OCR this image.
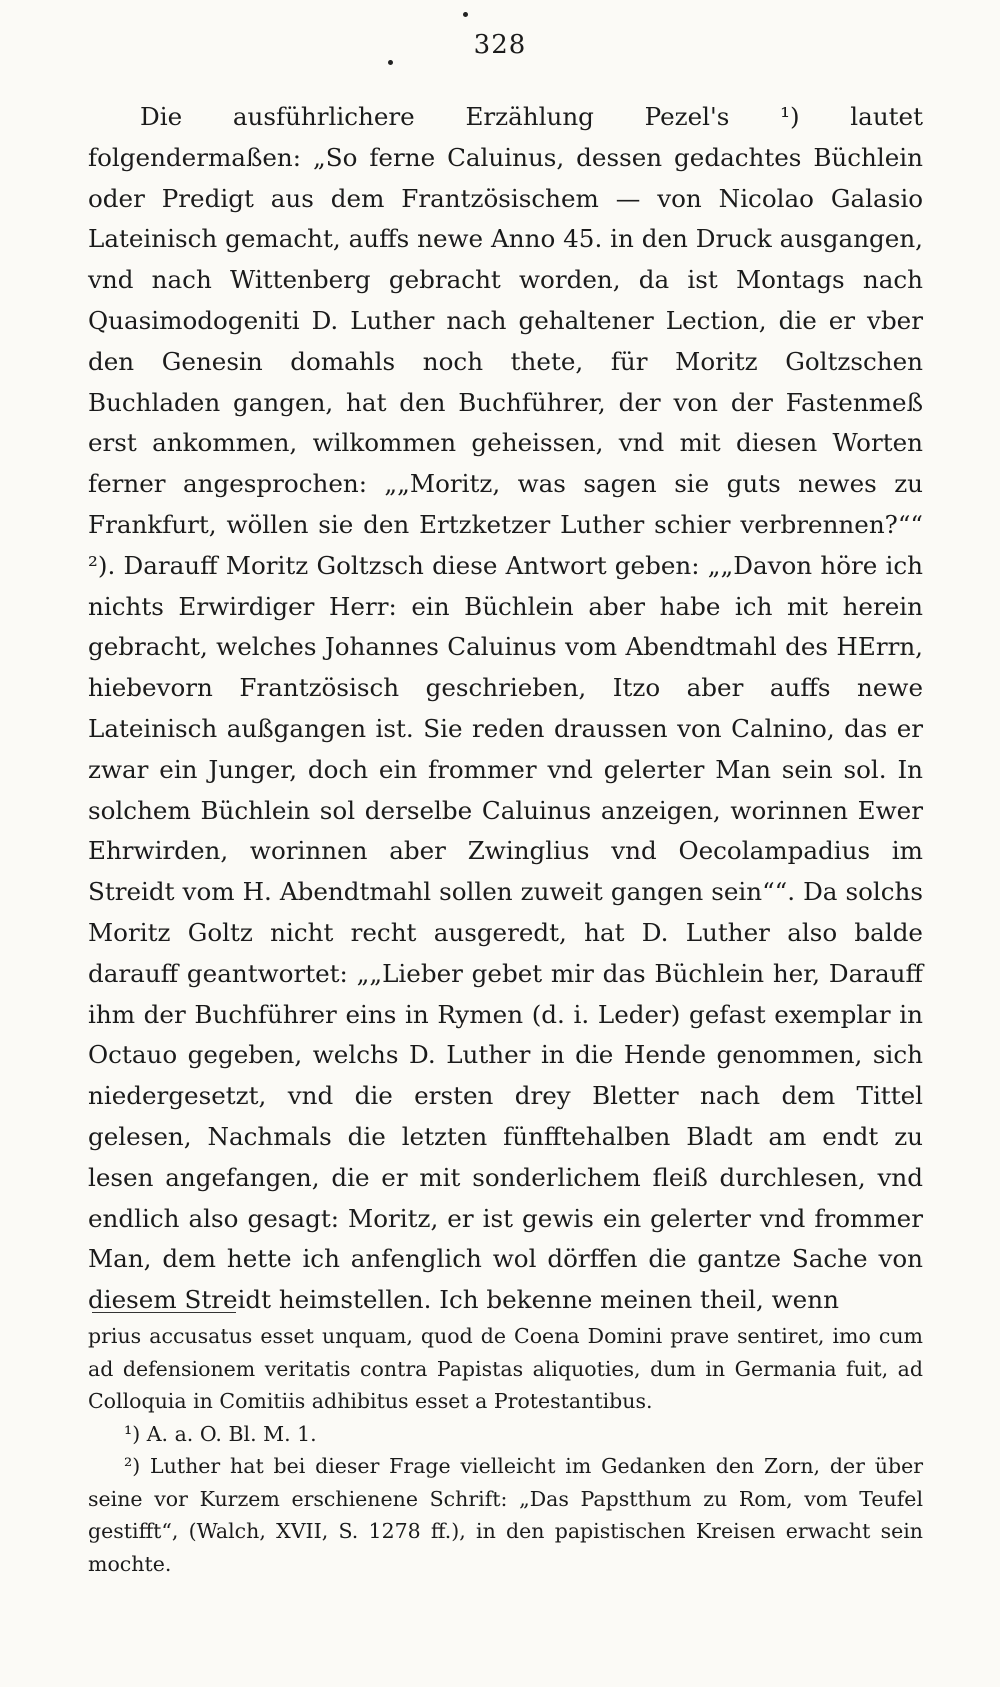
328

Die ausführlichere Erzählung Pezel's ¹) lautet folgendermaßen: „So ferne Caluinus, dessen gedachtes Büchlein oder Predigt aus dem Frantzösischem — von Nicolao Galasio Lateinisch gemacht, auffs newe Anno 45. in den Druck ausgangen, vnd nach Wittenberg gebracht worden, da ist Montags nach Quasimodogeniti D. Luther nach gehaltener Lection, die er vber den Genesin domahls noch thete, für Moritz Goltzschen Buchladen gangen, hat den Buchführer, der von der Fastenmeß erst ankommen, wilkommen geheissen, vnd mit diesen Worten ferner angesprochen: „„Moritz, was sagen sie guts newes zu Frankfurt, wöllen sie den Ertzketzer Luther schier verbrennen?““ ²). Darauff Moritz Goltzsch diese Antwort geben: „„Davon höre ich nichts Erwirdiger Herr: ein Büchlein aber habe ich mit herein gebracht, welches Johannes Caluinus vom Abendtmahl des HErrn, hiebevorn Frantzösisch geschrieben, Itzo aber auffs newe Lateinisch außgangen ist. Sie reden draussen von Calnino, das er zwar ein Junger, doch ein frommer vnd gelerter Man sein sol. In solchem Büchlein sol derselbe Caluinus anzeigen, worinnen Ewer Ehrwirden, worinnen aber Zwinglius vnd Oecolampadius im Streidt vom H. Abendtmahl sollen zuweit gangen sein““. Da solchs Moritz Goltz nicht recht ausgeredt, hat D. Luther also balde darauff geantwortet: „„Lieber gebet mir das Büchlein her, Darauff ihm der Buchführer eins in Rymen (d. i. Leder) gefast exemplar in Octauo gegeben, welchs D. Luther in die Hende genommen, sich niedergesetzt, vnd die ersten drey Bletter nach dem Tittel gelesen, Nachmals die letzten fünfftehalben Bladt am endt zu lesen angefangen, die er mit sonderlichem fleiß durchlesen, vnd endlich also gesagt: Moritz, er ist gewis ein gelerter vnd frommer Man, dem hette ich anfenglich wol dörffen die gantze Sache von diesem Streidt heimstellen. Ich bekenne meinen theil, wenn

prius accusatus esset unquam, quod de Coena Domini prave sentiret, imo cum ad defensionem veritatis contra Papistas aliquoties, dum in Germania fuit, ad Colloquia in Comitiis adhibitus esset a Protestantibus.

¹) A. a. O. Bl. M. 1.

²) Luther hat bei dieser Frage vielleicht im Gedanken den Zorn, der über seine vor Kurzem erschienene Schrift: „Das Papstthum zu Rom, vom Teufel gestifft“, (Walch, XVII, S. 1278 ff.), in den papistischen Kreisen erwacht sein mochte.
